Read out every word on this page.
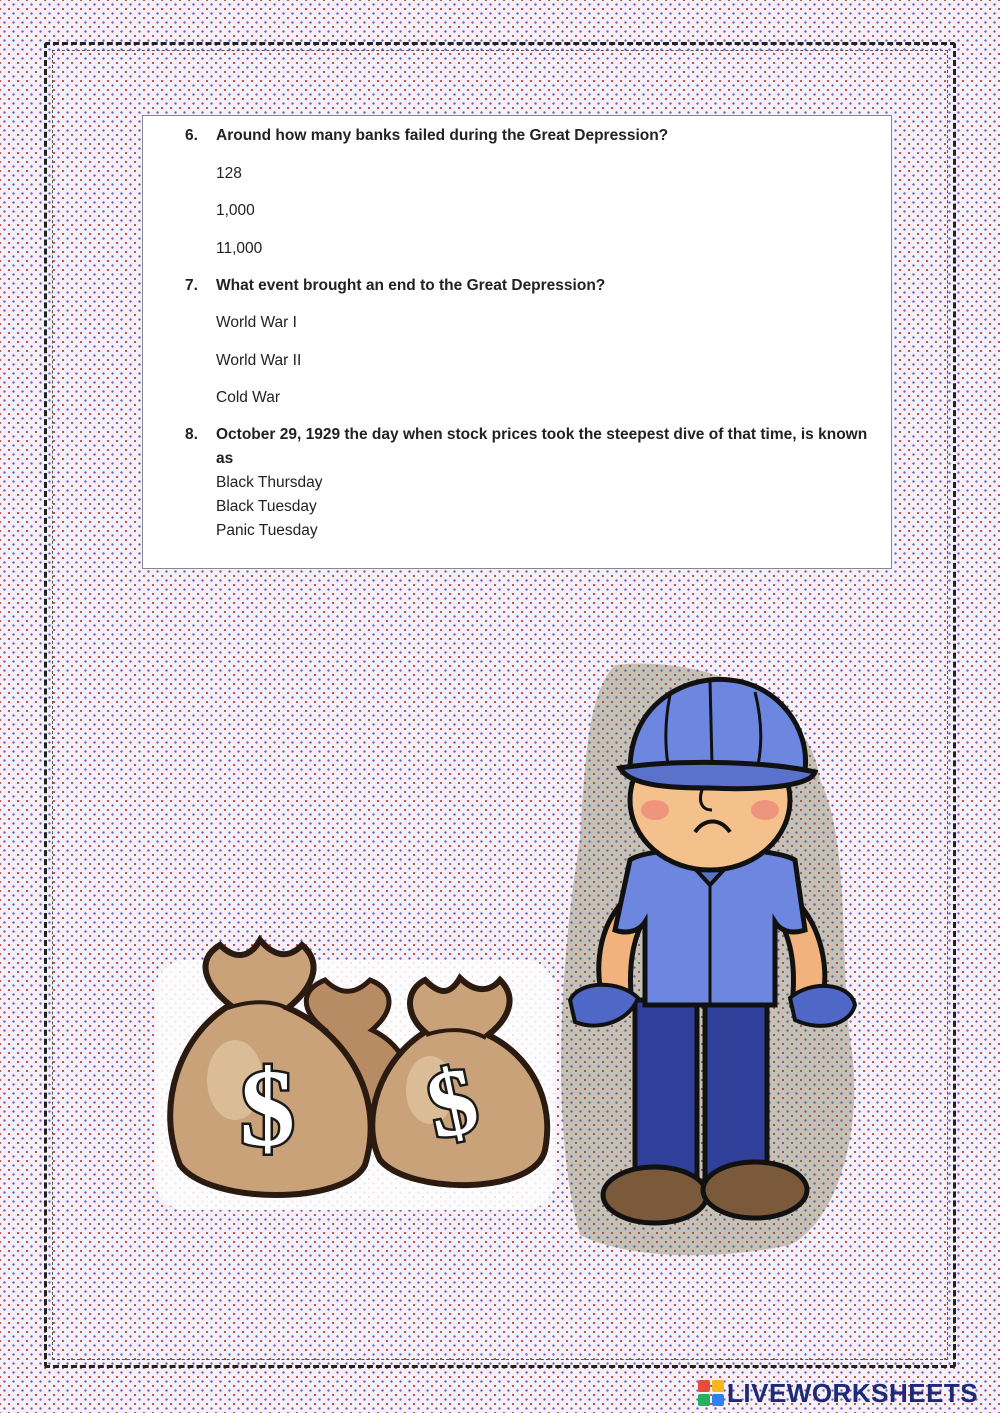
6. Around how many banks failed during the Great Depression?
128
1,000
11,000
7. What event brought an end to the Great Depression?
World War I
World War II
Cold War
8. October 29, 1929 the day when stock prices took the steepest dive of that time, is known as
Black Thursday
Black Tuesday
Panic Tuesday
$ $
LIVEWORKSHEETS
